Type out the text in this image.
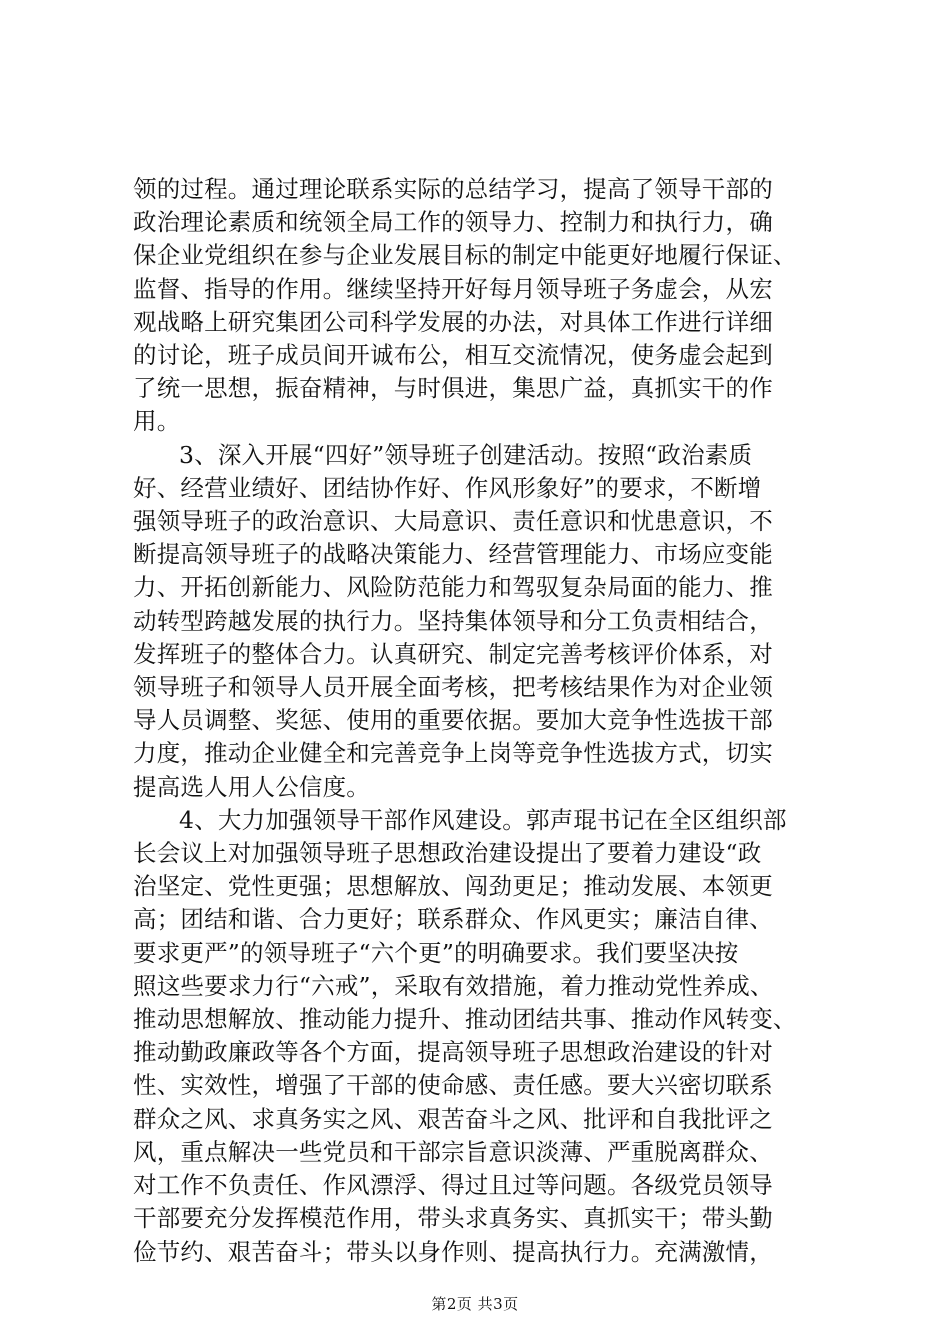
领的过程。通过理论联系实际的总结学习，提高了领导干部的
政治理论素质和统领全局工作的领导力、控制力和执行力，确
保企业党组织在参与企业发展目标的制定中能更好地履行保证、
监督、指导的作用。继续坚持开好每月领导班子务虚会，从宏
观战略上研究集团公司科学发展的办法，对具体工作进行详细
的讨论，班子成员间开诚布公，相互交流情况，使务虚会起到
了统一思想，振奋精神，与时俱进，集思广益，真抓实干的作
用。
3、深入开展“四好”领导班子创建活动。按照“政治素质
好、经营业绩好、团结协作好、作风形象好”的要求，不断增
强领导班子的政治意识、大局意识、责任意识和忧患意识，不
断提高领导班子的战略决策能力、经营管理能力、市场应变能
力、开拓创新能力、风险防范能力和驾驭复杂局面的能力、推
动转型跨越发展的执行力。坚持集体领导和分工负责相结合，
发挥班子的整体合力。认真研究、制定完善考核评价体系，对
领导班子和领导人员开展全面考核，把考核结果作为对企业领
导人员调整、奖惩、使用的重要依据。要加大竞争性选拔干部
力度，推动企业健全和完善竞争上岗等竞争性选拔方式，切实
提高选人用人公信度。
4、大力加强领导干部作风建设。郭声琨书记在全区组织部
长会议上对加强领导班子思想政治建设提出了要着力建设“政
治坚定、党性更强；思想解放、闯劲更足；推动发展、本领更
高；团结和谐、合力更好；联系群众、作风更实；廉洁自律、
要求更严”的领导班子“六个更”的明确要求。我们要坚决按
照这些要求力行“六戒”，采取有效措施，着力推动党性养成、
推动思想解放、推动能力提升、推动团结共事、推动作风转变、
推动勤政廉政等各个方面，提高领导班子思想政治建设的针对
性、实效性，增强了干部的使命感、责任感。要大兴密切联系
群众之风、求真务实之风、艰苦奋斗之风、批评和自我批评之
风，重点解决一些党员和干部宗旨意识淡薄、严重脱离群众、
对工作不负责任、作风漂浮、得过且过等问题。各级党员领导
干部要充分发挥模范作用，带头求真务实、真抓实干；带头勤
俭节约、艰苦奋斗；带头以身作则、提高执行力。充满激情，
第2页 共3页
